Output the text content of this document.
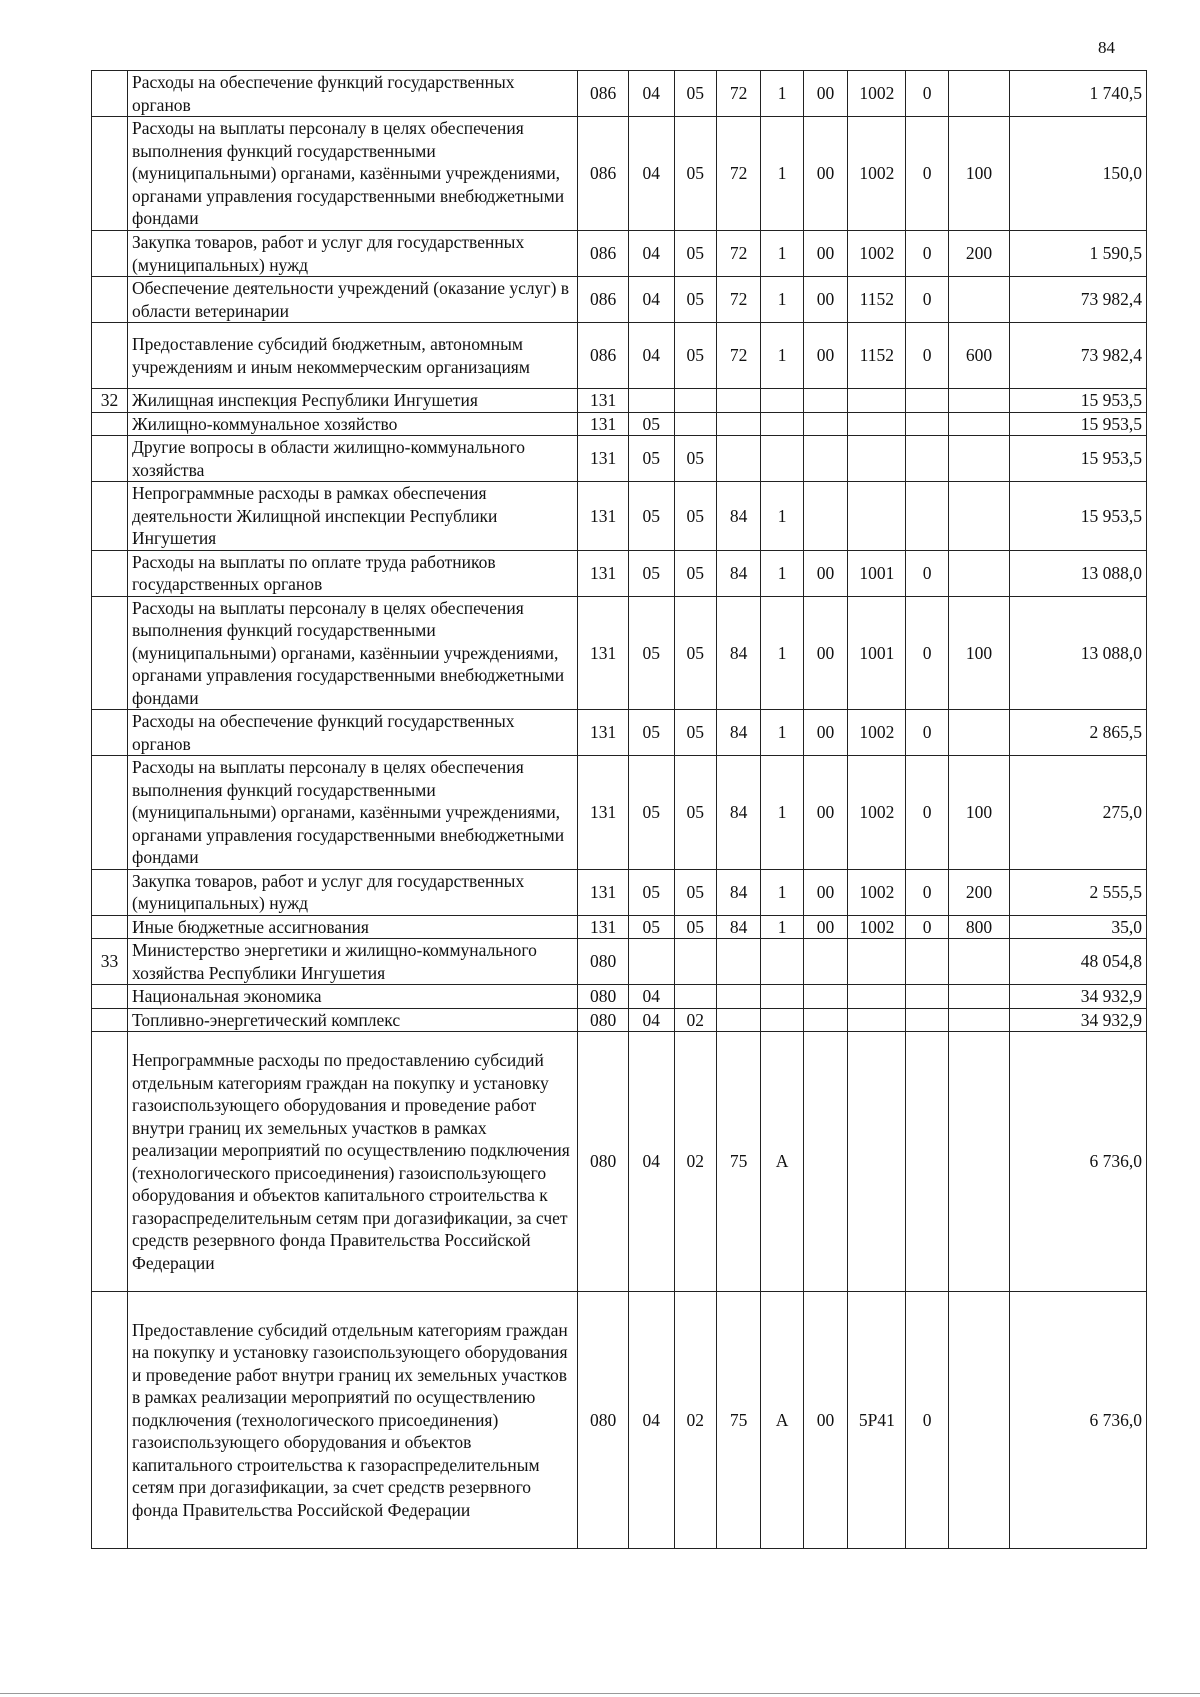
84
	Расходы на обеспечение функций государственных органов	086	04	05	72	1	00	1002	0		1 740,5
	Расходы на выплаты персоналу в целях обеспечения выполнения функций государственными (муниципальными) органами, казёнными учреждениями, органами управления государственными внебюджетными фондами	086	04	05	72	1	00	1002	0	100	150,0
	Закупка товаров, работ и услуг для государственных (муниципальных) нужд	086	04	05	72	1	00	1002	0	200	1 590,5
	Обеспечение деятельности учреждений (оказание услуг) в области ветеринарии	086	04	05	72	1	00	1152	0		73 982,4
	Предоставление субсидий бюджетным, автономным учреждениям и иным некоммерческим организациям	086	04	05	72	1	00	1152	0	600	73 982,4
32	Жилищная инспекция Республики Ингушетия	131									15 953,5
	Жилищно-коммунальное хозяйство	131	05								15 953,5
	Другие вопросы в области жилищно-коммунального хозяйства	131	05	05							15 953,5
	Непрограммные расходы в рамках обеспечения деятельности Жилищной инспекции Республики Ингушетия	131	05	05	84	1					15 953,5
	Расходы на выплаты по оплате труда работников государственных органов	131	05	05	84	1	00	1001	0		13 088,0
	Расходы на выплаты персоналу в целях обеспечения выполнения функций государственными (муниципальными) органами, казённыии учреждениями, органами управления государственными внебюджетными фондами	131	05	05	84	1	00	1001	0	100	13 088,0
	Расходы на обеспечение функций государственных органов	131	05	05	84	1	00	1002	0		2 865,5
	Расходы на выплаты персоналу в целях обеспечения выполнения функций государственными (муниципальными) органами, казёнными учреждениями, органами управления государственными внебюджетными фондами	131	05	05	84	1	00	1002	0	100	275,0
	Закупка товаров, работ и услуг для государственных (муниципальных) нужд	131	05	05	84	1	00	1002	0	200	2 555,5
	Иные бюджетные ассигнования	131	05	05	84	1	00	1002	0	800	35,0
33	Министерство энергетики и жилищно-коммунального хозяйства Республики Ингушетия	080									48 054,8
	Национальная экономика	080	04								34 932,9
	Топливно-энергетический комплекс	080	04	02							34 932,9
	Непрограммные расходы по предоставлению субсидий отдельным категориям граждан на покупку и установку газоиспользующего оборудования и проведение работ внутри границ их земельных участков в рамках реализации мероприятий по осуществлению подключения (технологического присоединения) газоиспользующего оборудования и объектов капитального строительства к газораспределительным сетям при догазификации, за счет средств резервного фонда Правительства Российской Федерации	080	04	02	75	А					6 736,0
	Предоставление субсидий отдельным категориям граждан на покупку и установку газоиспользующего оборудования и проведение работ внутри границ их земельных участков в рамках реализации мероприятий по осуществлению подключения (технологического присоединения) газоиспользующего оборудования и объектов капитального строительства к газораспределительным сетям при догазификации, за счет средств резервного фонда Правительства Российской Федерации	080	04	02	75	А	00	5Р41	0		6 736,0
